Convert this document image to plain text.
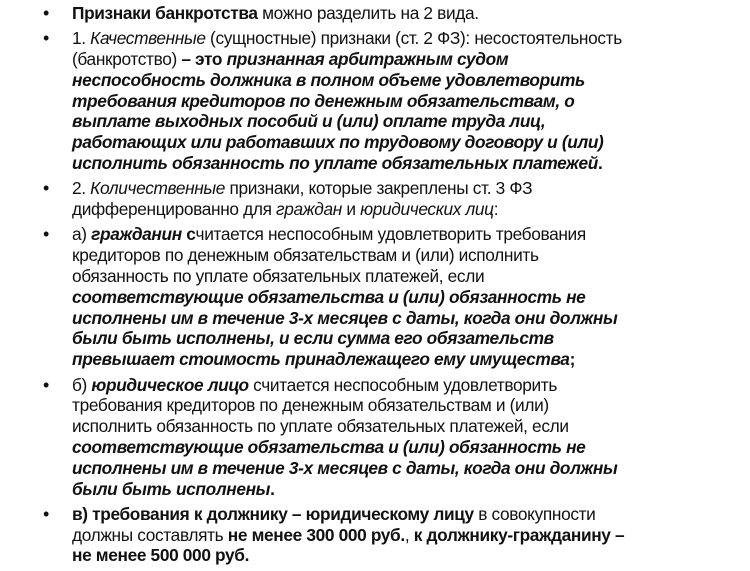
• Признаки банкротства можно разделить на 2 вида.
• 1. Качественные (сущностные) признаки (ст. 2 ФЗ): несостоятельность
(банкротство) – это признанная арбитражным судом
неспособность должника в полном объеме удовлетворить
требования кредиторов по денежным обязательствам, о
выплате выходных пособий и (или) оплате труда лиц,
работающих или работавших по трудовому договору и (или)
исполнить обязанность по уплате обязательных платежей.
• 2. Количественные признаки, которые закреплены ст. 3 ФЗ
дифференцированно для граждан и юридических лиц:
• а) гражданин считается неспособным удовлетворить требования
кредиторов по денежным обязательствам и (или) исполнить
обязанность по уплате обязательных платежей, если
соответствующие обязательства и (или) обязанность не
исполнены им в течение 3-х месяцев с даты, когда они должны
были быть исполнены, и если сумма его обязательств
превышает стоимость принадлежащего ему имущества;
• б) юридическое лицо считается неспособным удовлетворить
требования кредиторов по денежным обязательствам и (или)
исполнить обязанность по уплате обязательных платежей, если
соответствующие обязательства и (или) обязанность не
исполнены им в течение 3-х месяцев с даты, когда они должны
были быть исполнены.
• в) требования к должнику – юридическому лицу в совокупности
должны составлять не менее 300 000 руб., к должнику-гражданину –
не менее 500 000 руб.
